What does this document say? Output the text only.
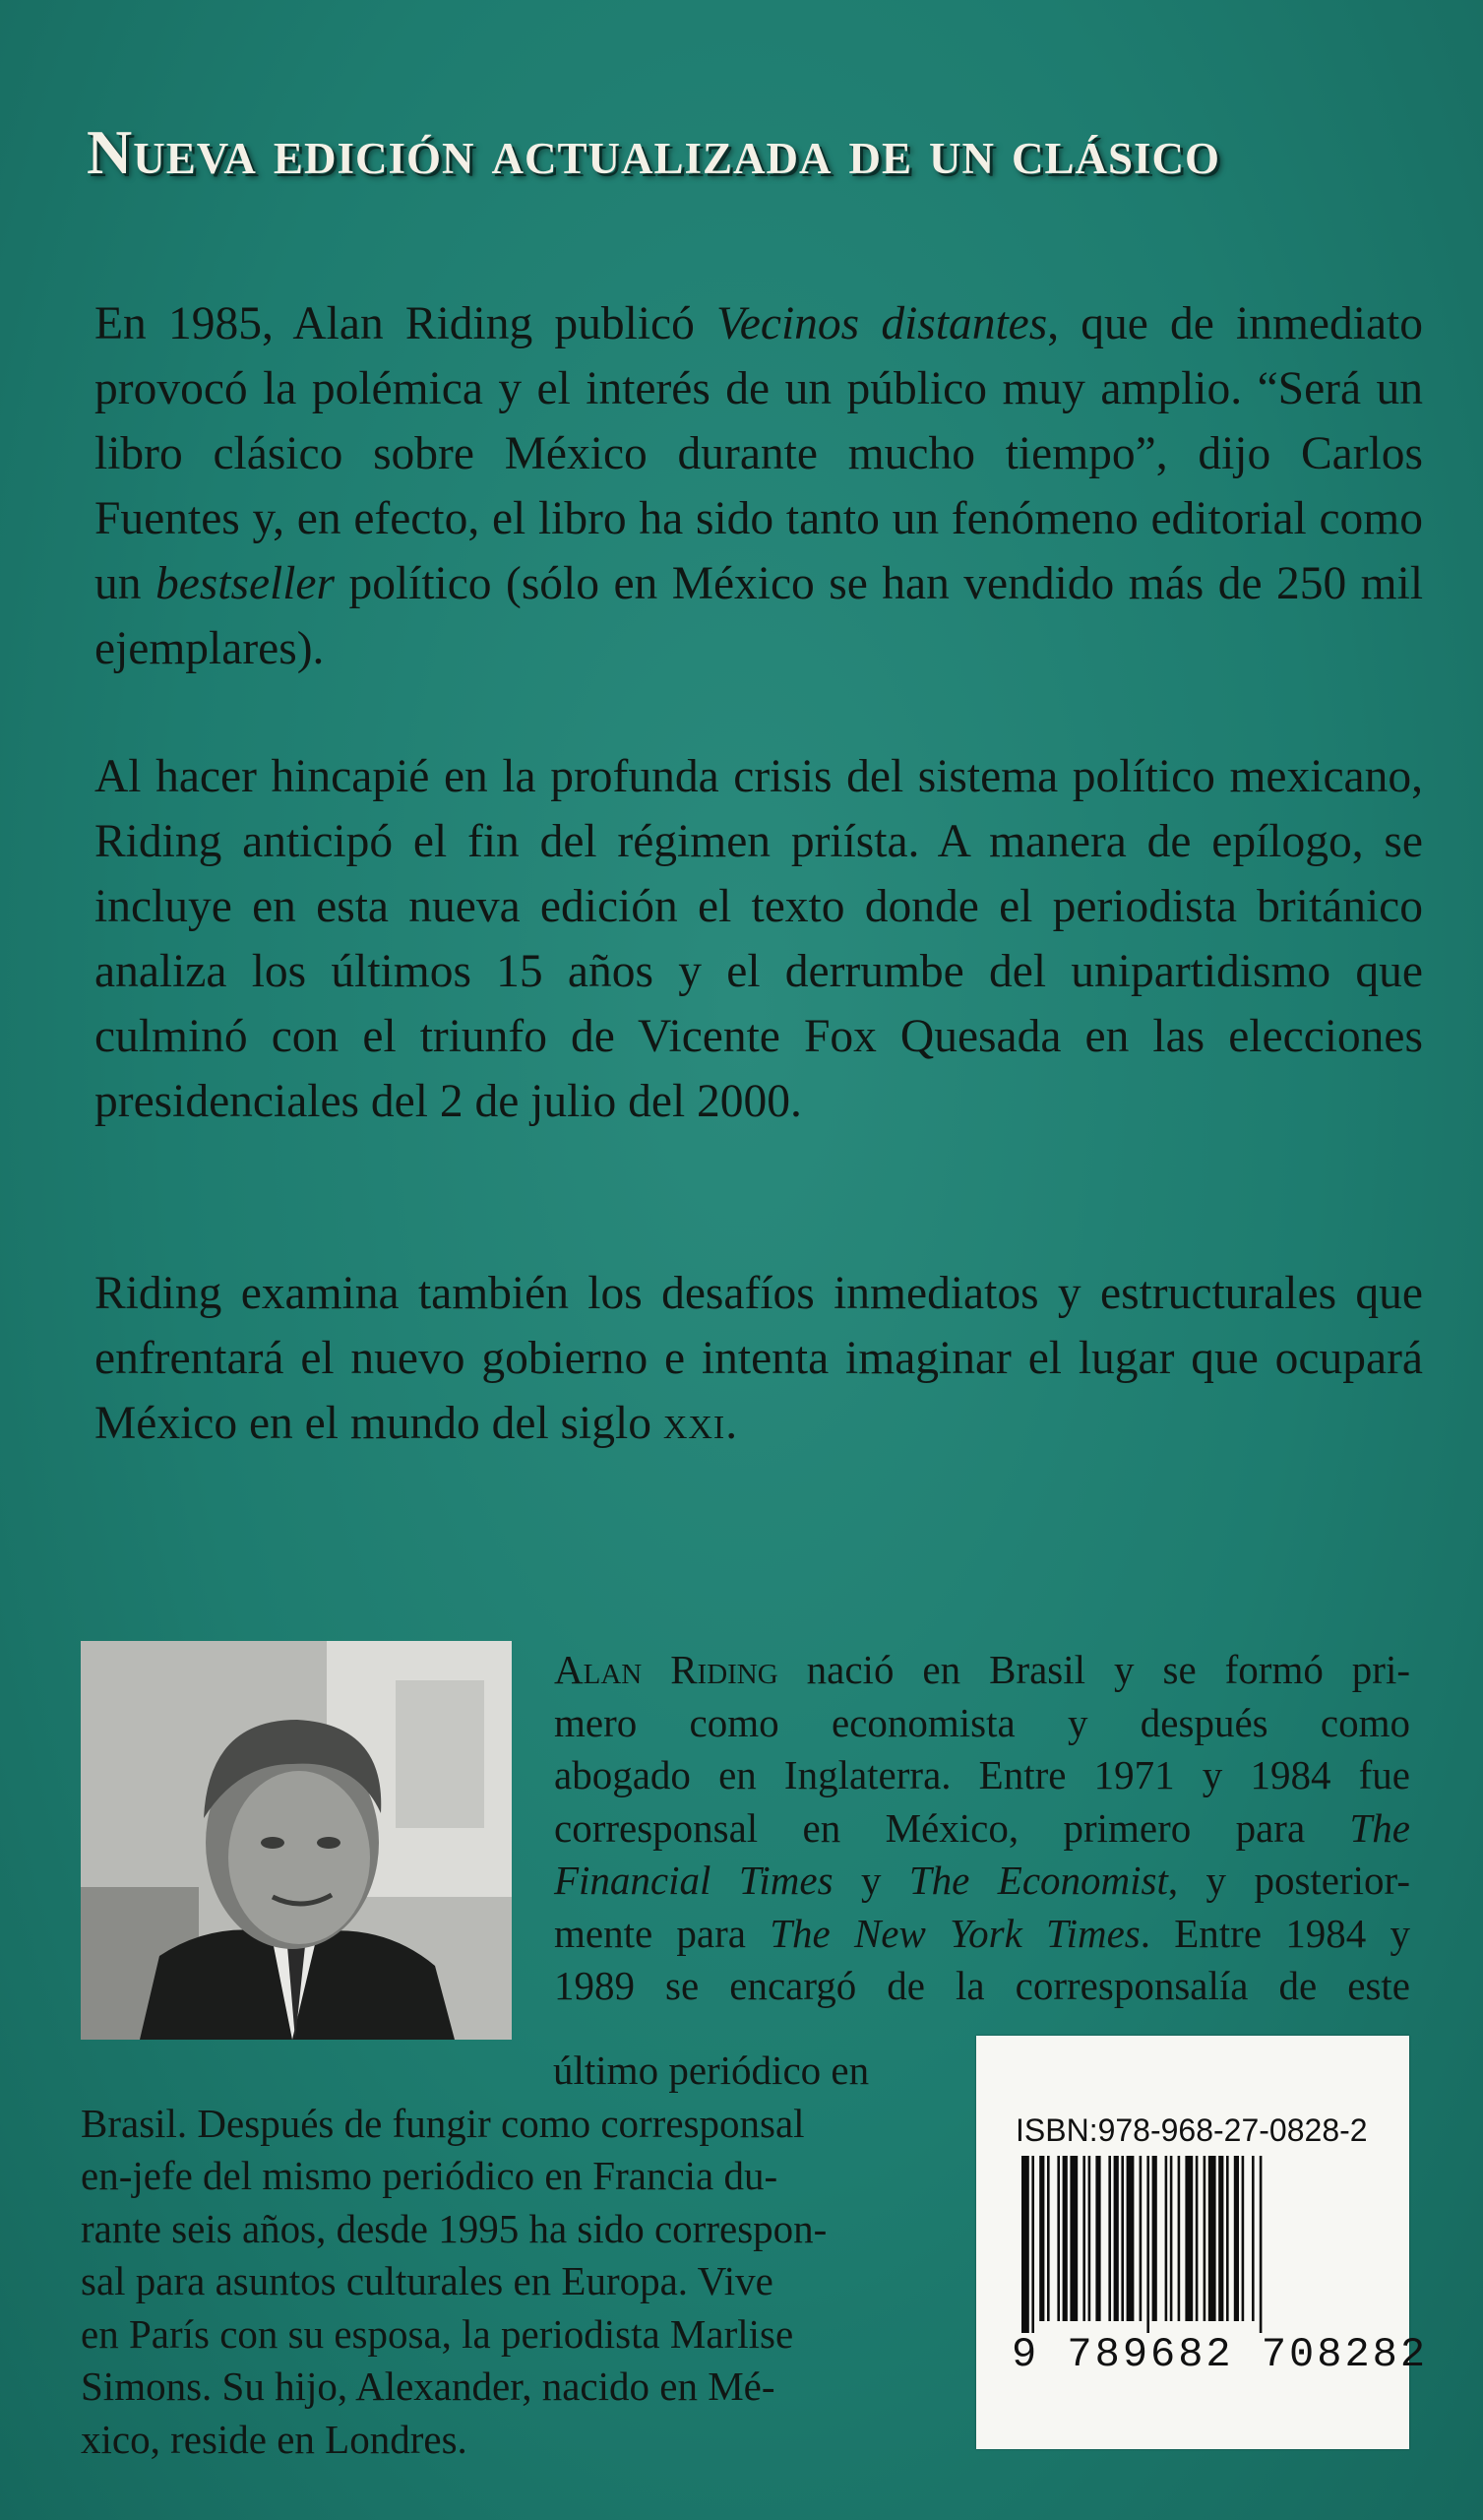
Nueva edición actualizada de un clásico

En 1985, Alan Riding publicó Vecinos distantes, que de inmediato provocó la polémica y el interés de un público muy amplio. “Será un libro clásico sobre México durante mucho tiempo”, dijo Carlos Fuentes y, en efecto, el libro ha sido tanto un fenómeno editorial como un bestseller político (sólo en México se han vendido más de 250 mil ejemplares).

Al hacer hincapié en la profunda crisis del sistema político mexicano, Riding anticipó el fin del régimen priísta. A manera de epílogo, se incluye en esta nueva edición el texto donde el periodista británico analiza los últimos 15 años y el derrumbe del unipartidismo que culminó con el triunfo de Vicente Fox Quesada en las elecciones presidenciales del 2 de julio del 2000.

Riding examina también los desafíos inmediatos y estructurales que enfrentará el nuevo gobierno e intenta imaginar el lugar que ocupará México en el mundo del siglo XXI.

Alan Riding nació en Brasil y se formó pri-
mero como economista y después como
abogado en Inglaterra. Entre 1971 y 1984 fue
corresponsal en México, primero para The
Financial Times y The Economist, y posterior-
mente para The New York Times. Entre 1984 y
1989 se encargó de la corresponsalía de este

último periódico en
Brasil. Después de fungir como corresponsal
en-jefe del mismo periódico en Francia du-
rante seis años, desde 1995 ha sido correspon-
sal para asuntos culturales en Europa. Vive
en París con su esposa, la periodista Marlise
Simons. Su hijo, Alexander, nacido en Mé-
xico, reside en Londres.

ISBN:978-968-27-0828-2
9 789682 708282
